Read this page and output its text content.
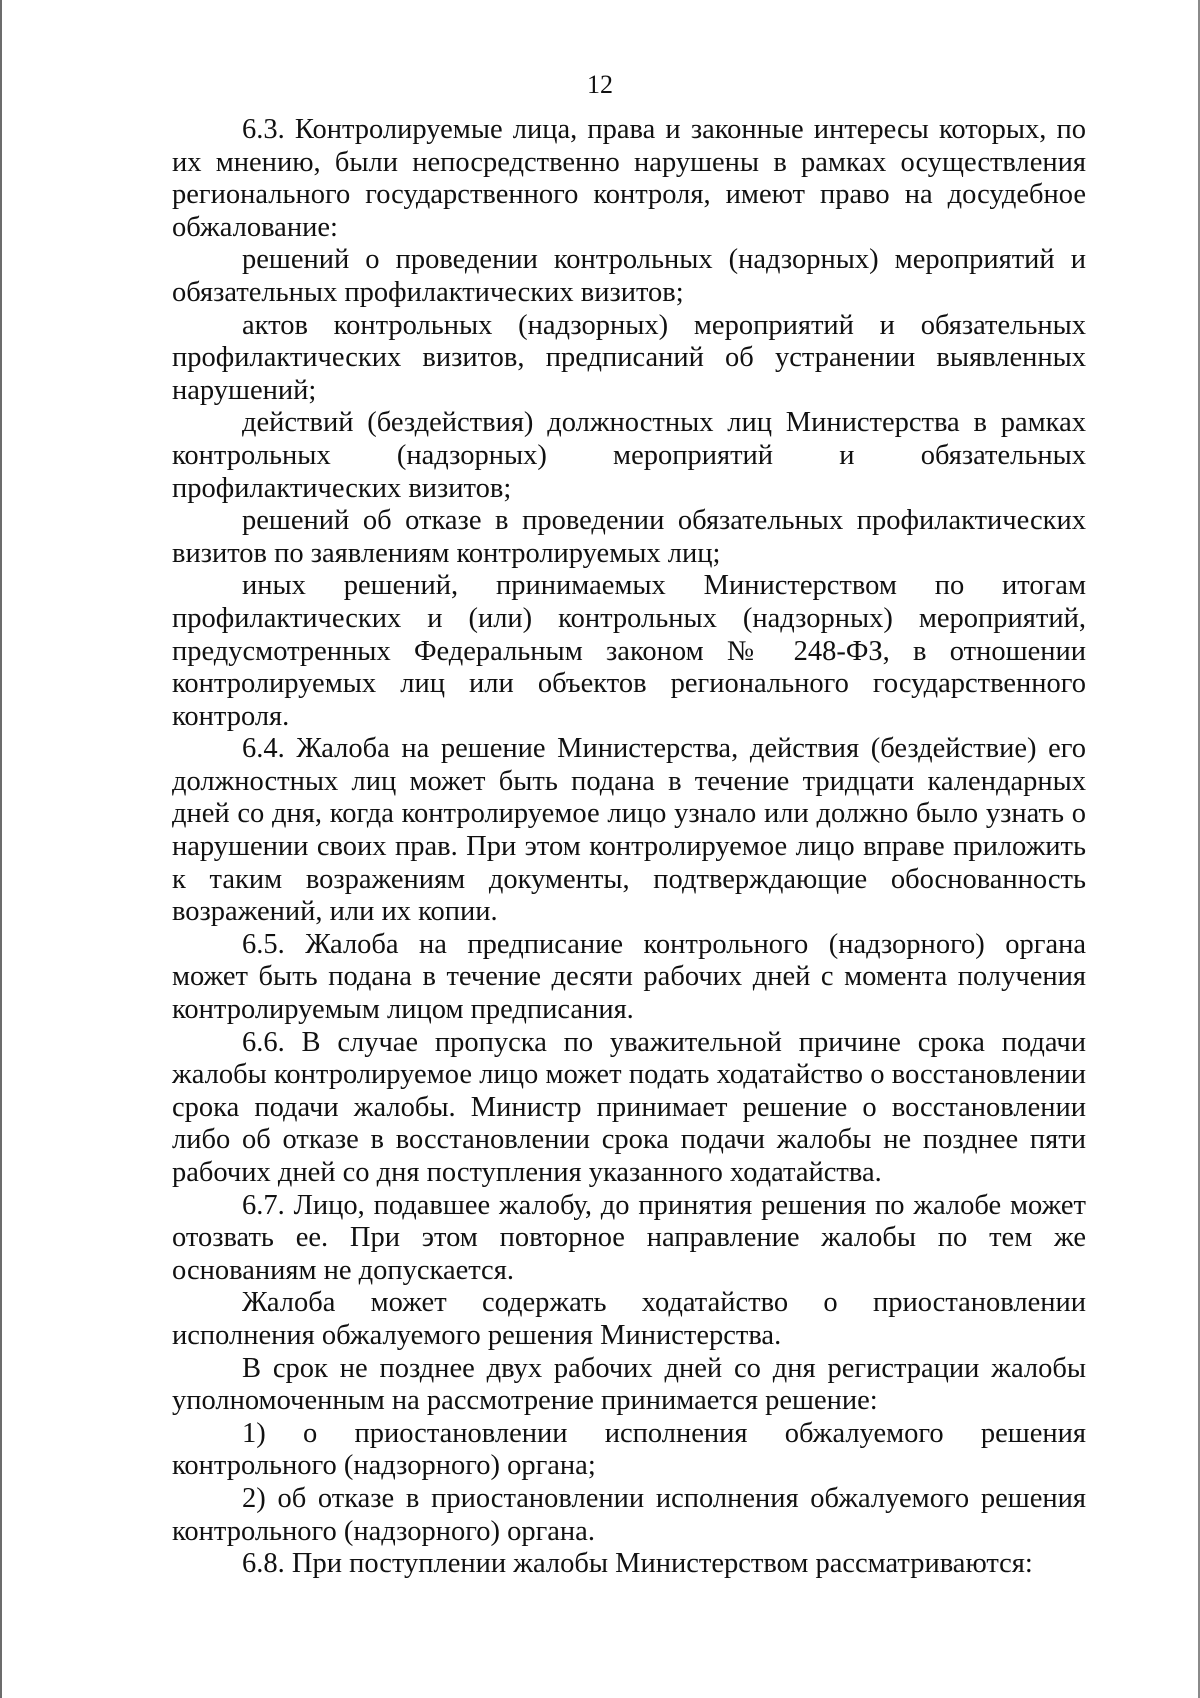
12

6.3. Контролируемые лица, права и законные интересы которых, по их мнению, были непосредственно нарушены в рамках осуществления регионального государственного контроля, имеют право на досудебное обжалование:

решений о проведении контрольных (надзорных) мероприятий и обязательных профилактических визитов;

актов контрольных (надзорных) мероприятий и обязательных профилактических визитов, предписаний об устранении выявленных нарушений;

действий (бездействия) должностных лиц Министерства в рамках контрольных (надзорных) мероприятий и обязательных профилактических визитов;

решений об отказе в проведении обязательных профилактических визитов по заявлениям контролируемых лиц;

иных решений, принимаемых Министерством по итогам профилактических и (или) контрольных (надзорных) мероприятий, предусмотренных Федеральным законом № 248-ФЗ, в отношении контролируемых лиц или объектов регионального государственного контроля.

6.4. Жалоба на решение Министерства, действия (бездействие) его должностных лиц может быть подана в течение тридцати календарных дней со дня, когда контролируемое лицо узнало или должно было узнать о нарушении своих прав. При этом контролируемое лицо вправе приложить к таким возражениям документы, подтверждающие обоснованность возражений, или их копии.

6.5. Жалоба на предписание контрольного (надзорного) органа может быть подана в течение десяти рабочих дней с момента получения контролируемым лицом предписания.

6.6. В случае пропуска по уважительной причине срока подачи жалобы контролируемое лицо может подать ходатайство о восстановлении срока подачи жалобы. Министр принимает решение о восстановлении либо об отказе в восстановлении срока подачи жалобы не позднее пяти рабочих дней со дня поступления указанного ходатайства.

6.7. Лицо, подавшее жалобу, до принятия решения по жалобе может отозвать ее. При этом повторное направление жалобы по тем же основаниям не допускается.

Жалоба может содержать ходатайство о приостановлении исполнения обжалуемого решения Министерства.

В срок не позднее двух рабочих дней со дня регистрации жалобы уполномоченным на рассмотрение принимается решение:

1) о приостановлении исполнения обжалуемого решения контрольного (надзорного) органа;

2) об отказе в приостановлении исполнения обжалуемого решения контрольного (надзорного) органа.

6.8. При поступлении жалобы Министерством рассматриваются:
